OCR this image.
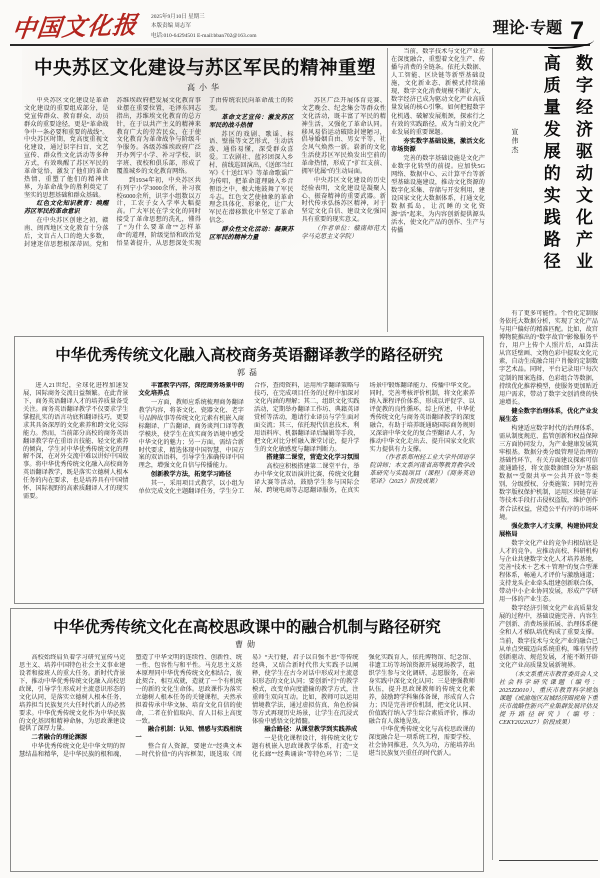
中国文化报	2025年9月10日 星期三
本版责编 周志军
电话:010-64294501 E-mail:bban702@163.com	理论·专题 7
中央苏区文化建设与苏区军民的精神重塑
高小华

中央苏区文化建设是革命文化建设的重要组成部分，是党宣传群众、教育群众、动员群众的重要途径，更是“革命战争中一条必要和重要的战线”。中央苏区时期，党高度重视文化建设，通过识字扫盲、文艺宣传、群众性文化活动等多种方式，有效唤醒了苏区军民的革命觉悟，激发了他们的革命热情，重塑了他们的精神世界，为革命战争的胜利奠定了坚实的思想基础和群众基础。

红色文化知识教育：唤醒苏区军民的革命意识

在中央苏区创建之初，赣南、闽西地区文化教育十分落后，文盲占人口的绝大多数，封建迷信思想根深蒂固。党和苏维埃政府把发展文化教育事业摆在重要位置，毛泽东同志指出，苏维埃文化教育的总方针，在于以共产主义的精神来教育广大的劳苦民众，在于使文化教育为革命战争与阶级斗争服务。各级苏维埃政府广泛开办列宁小学、补习学校、识字班、夜校和俱乐部，形成了覆盖城乡的文化教育网络。

到1934年初，中央苏区共有列宁小学3000余所，补习夜校6000余所，识字小组数以万计，工农子女入学率大幅提高。广大军民在学文化的同时接受了革命思想的洗礼，懂得了“为什么要革命”“怎样革命”的道理，阶级觉悟和政治觉悟显著提升，从思想深处实现了由传统农民向革命战士的转变。

革命文艺宣传：激发苏区军民的战斗热情

苏区的戏剧、歌谣、标语、壁报等文艺形式，生动活泼、通俗易懂，深受群众喜爱。工农剧社、蓝衫团深入乡村、前线巡回演出，《送郎当红军》《十送红军》等革命歌谣广为传唱，把革命道理融入乡音俚语之中，极大地鼓舞了军民斗志。红色文艺使抽象的革命理念具体化、形象化，让广大军民在潜移默化中坚定了革命信念。

群众性文化活动：凝聚苏区军民的精神力量

苏区广泛开展体育竞赛、文艺晚会、纪念集会等群众性文化活动，既丰富了军民的精神生活，又强化了革命认同。移风易俗运动破除封建陋习，倡导婚姻自由、男女平等，社会风气焕然一新。崭新的文化生活使苏区军民焕发出空前的革命热情，形成了“扩红支前、拥军优属”的生动局面。

中央苏区文化建设的历史经验表明，文化建设是凝聚人心、振奋精神的重要武器。新时代传承弘扬苏区精神，对于坚定文化自信、建设文化强国具有重要的现实意义。

（作者单位：赣南师范大学马克思主义学院）

当前，数字技术与文化产业正在深度融合，重塑着文化生产、传播与消费的全链条。依托大数据、人工智能、区块链等新型基础设施，文化新业态、新模式持续涌现，数字文化消费规模不断扩大，数字经济已成为驱动文化产业高质量发展的核心引擎。如何把握数字化机遇、破解发展瓶颈，探索行之有效的实践路径，成为当前文化产业发展的重要课题。

夯实数字基础设施，激活文化市场资源

完善的数字基础设施是文化产业数字化转型的前提。应加快5G网络、数据中心、云计算平台等新型基础设施建设，推动文化资源的数字化采集、存储与开发利用，建设国家文化大数据体系，打通文化数据孤岛，让沉睡的文化资源“活”起来，为内容创新提供源头活水，使文化产品的创作、生产与传播	数字经济驱动文化产业
高质量发展的实践路径
宣伟杰

有了更多可能性。个性化定制服务依托大数据分析，实现了文化产品与用户偏好的精准匹配。比如，故宫博物院推出的“数字故宫”影像服务平台，用户上传个人照片后，AI算法从宫廷壁画、文物色彩中提取文化元素，自动生成融合用户肖像的定制数字艺术品。同时，平台记录用户每次定制的图案选择、色彩组合等数据，持续优化推荐模型，使服务更加贴近用户需求，带动了数字文创消费的快速增长。

健全数字治理体系，优化产业发展生态

构建适应数字时代的治理体系，需从制度规范、监管创新和权益保障三方面协同发力，为产业健康发展筑牢根基。数据分类分级管理是治理的基础性环节，有关方面建议探索可信流通路径，将文旅数据细分为“基础数据”“受限共享”“公共开放”等类别，分级授权、分类施策；同时完善数字版权保护机制，运用区块链存证等技术手段打击侵权盗版，维护创作者合法权益，营造公平有序的市场环境。

强化数字人才支撑，构建协同发展格局

数字文化产业的竞争归根结底是人才的竞争。应推动高校、科研机构与企业共建数字文化人才培养基地，完善“技术＋艺术＋管理”的复合型课程体系，畅通人才评价与激励通道；支持龙头企业牵头组建创新联合体，带动中小企业协同发展，形成产学研用一体的产业生态。

数字经济引领文化产业高质量发展的过程中，基础设施完善、内容生产创新、消费场景拓展、治理体系健全和人才梯队培优构成了重要支撑。当前，数字技术与文化产业的融合已从单点突破迈向系统重构，唯有坚持创新驱动、规范发展，才能不断开辟文化产业高质量发展新境界。

（本文系重庆市教育委员会人文社会科学研究课题（编号：2025ZD010）、重庆市教育科学规划课题《成渝地区双城经济圈视角下重庆市战略性新兴产业集群发展评估及提升路径研究》（编号：CEKY2022027）阶段成果）

中华优秀传统文化融入高校商务英语翻译教学的路径研究
郭磊

进入21世纪，全球化进程加速发展，国际商务交流日益频繁。在此背景下，商务英语翻译人才的培养质量备受关注。商务英语翻译教学不仅要求学生掌握扎实的语言功底和翻译技巧，更要求其具备深厚的文化素养和跨文化交际能力。然而，当前部分高校的商务英语翻译教学存在重语言技能、轻文化素养的倾向，学生对中华优秀传统文化的理解不深，在对外交流中难以讲好中国故事。将中华优秀传统文化融入高校商务英语翻译教学，既是落实立德树人根本任务的内在要求，也是培养具有中国情怀、国际视野的高素质翻译人才的现实需要。

丰富教学内容，深挖商务场景中的文化培养点

一方面，教师应系统梳理商务翻译教学内容，将茶文化、瓷器文化、老字号品牌故事等传统文化元素有机嵌入商标翻译、广告翻译、商务谈判口译等教学模块，使学生在真实商务语境中感受中华文化的魅力；另一方面，需结合新时代要求，精选体现中国智慧、中国方案的双语语料，引导学生准确传译中国理念，增强文化自信与传播能力。

创新教学方法，拓宽学习路径

其一，采用项目式教学，以小组为单位完成文化主题翻译任务，学生分工合作，查阅资料，运用所学翻译策略与技巧，在完成项目任务的过程中加深对文化内涵的理解；其二，组织文化实践活动，定期举办翻译工作坊、典籍英译赏析等活动，邀请行业译员与学生面对面交流；其三，依托现代信息技术，利用语料库、机器翻译译后编辑等手段，把文化对比分析融入课堂讨论，提升学生的文化敏感度与翻译判断力。

搭建第二课堂，营造文化学习氛围

高校应积极搭建第二课堂平台，举办中华文化双语演讲比赛、传统文化翻译大赛等活动，鼓励学生参与国际会展、跨境电商等志愿翻译服务，在真实场景中锻炼翻译能力、传播中华文化。同时，完善考核评价机制，将文化素养纳入课程评价体系，形成以评促学、以评促教的良性循环。综上所述，中华优秀传统文化与商务英语翻译教学的深度融合，有助于培养既通晓国际商务规则又深谙中华文化的复合型翻译人才，为推动中华文化走出去、提升国家文化软实力提供有力支撑。

（作者系郑州轻工业大学外国语学院讲师；本文系河南省高等教育教学改革研究与实践项目（课程）《商务英语笔译》（2025）阶段成果）

中华优秀传统文化在高校思政课中的融合机制与路径研究
曹勋

高校始终肩负着学习研究宣传马克思主义、培养中国特色社会主义事业建设者和接班人的重大任务。新时代背景下，推动中华优秀传统文化融入高校思政课，引导学生形成对主流意识形态的文化认同，是落实立德树人根本任务、培养担当民族复兴大任时代新人的必然要求。中华优秀传统文化作为中华民族的文化基因和精神命脉，为思政课建设提供了深厚力量。

二者融合的理论渊源

中华优秀传统文化是中华文明的智慧结晶和精华，是中华民族的根和魂，塑造了中华文明的连续性、创新性、统一性、包容性与和平性。马克思主义基本原理同中华优秀传统文化相结合，彼此契合、相互成就，造就了一个有机统一的新的文化生命体。思政课作为落实立德树人根本任务的关键课程，天然承担着传承中华文脉、培育文化自信的使命，二者在价值取向、育人目标上高度一致。

融合机制：认知、情感与实践相统一

整合育人资源，要建立“经典文本—时代价值”的内容框架，既选取《周易》“天行健，君子以自强不息”等传统经典，又结合新时代伟大实践予以阐释，使学生在古今对话中形成对主流意识形态的文化认同；要创新“行”的教学模式，改变单向度灌输的教学方式，注重师生双向互动。比如，教师可以运用情境教学法，通过虚拟仿真、角色扮演等方式再现历史场景，让学生在沉浸式体验中感悟文化精髓。

融合路径：从课堂教学到实践养成

一是优化课程设计，将传统文化专题有机嵌入思政课教学体系，打造“文化长廊”“经典诵读”等特色环节；二是强化实践育人，依托博物馆、纪念馆、非遗工坊等场馆资源开展现场教学，组织学生参与文化调研、志愿服务，在亲身实践中深化文化认同；三是建强教师队伍，提升思政课教师的传统文化素养，鼓励跨学科集体备课，形成育人合力；四是完善评价机制，把文化认同、价值践行纳入学生综合素质评价，推动融合育人落地见效。

中华优秀传统文化与高校思政课的深度融合是一项系统工程，需要学校、社会协同推进，久久为功，方能培养出堪当民族复兴重任的时代新人。
